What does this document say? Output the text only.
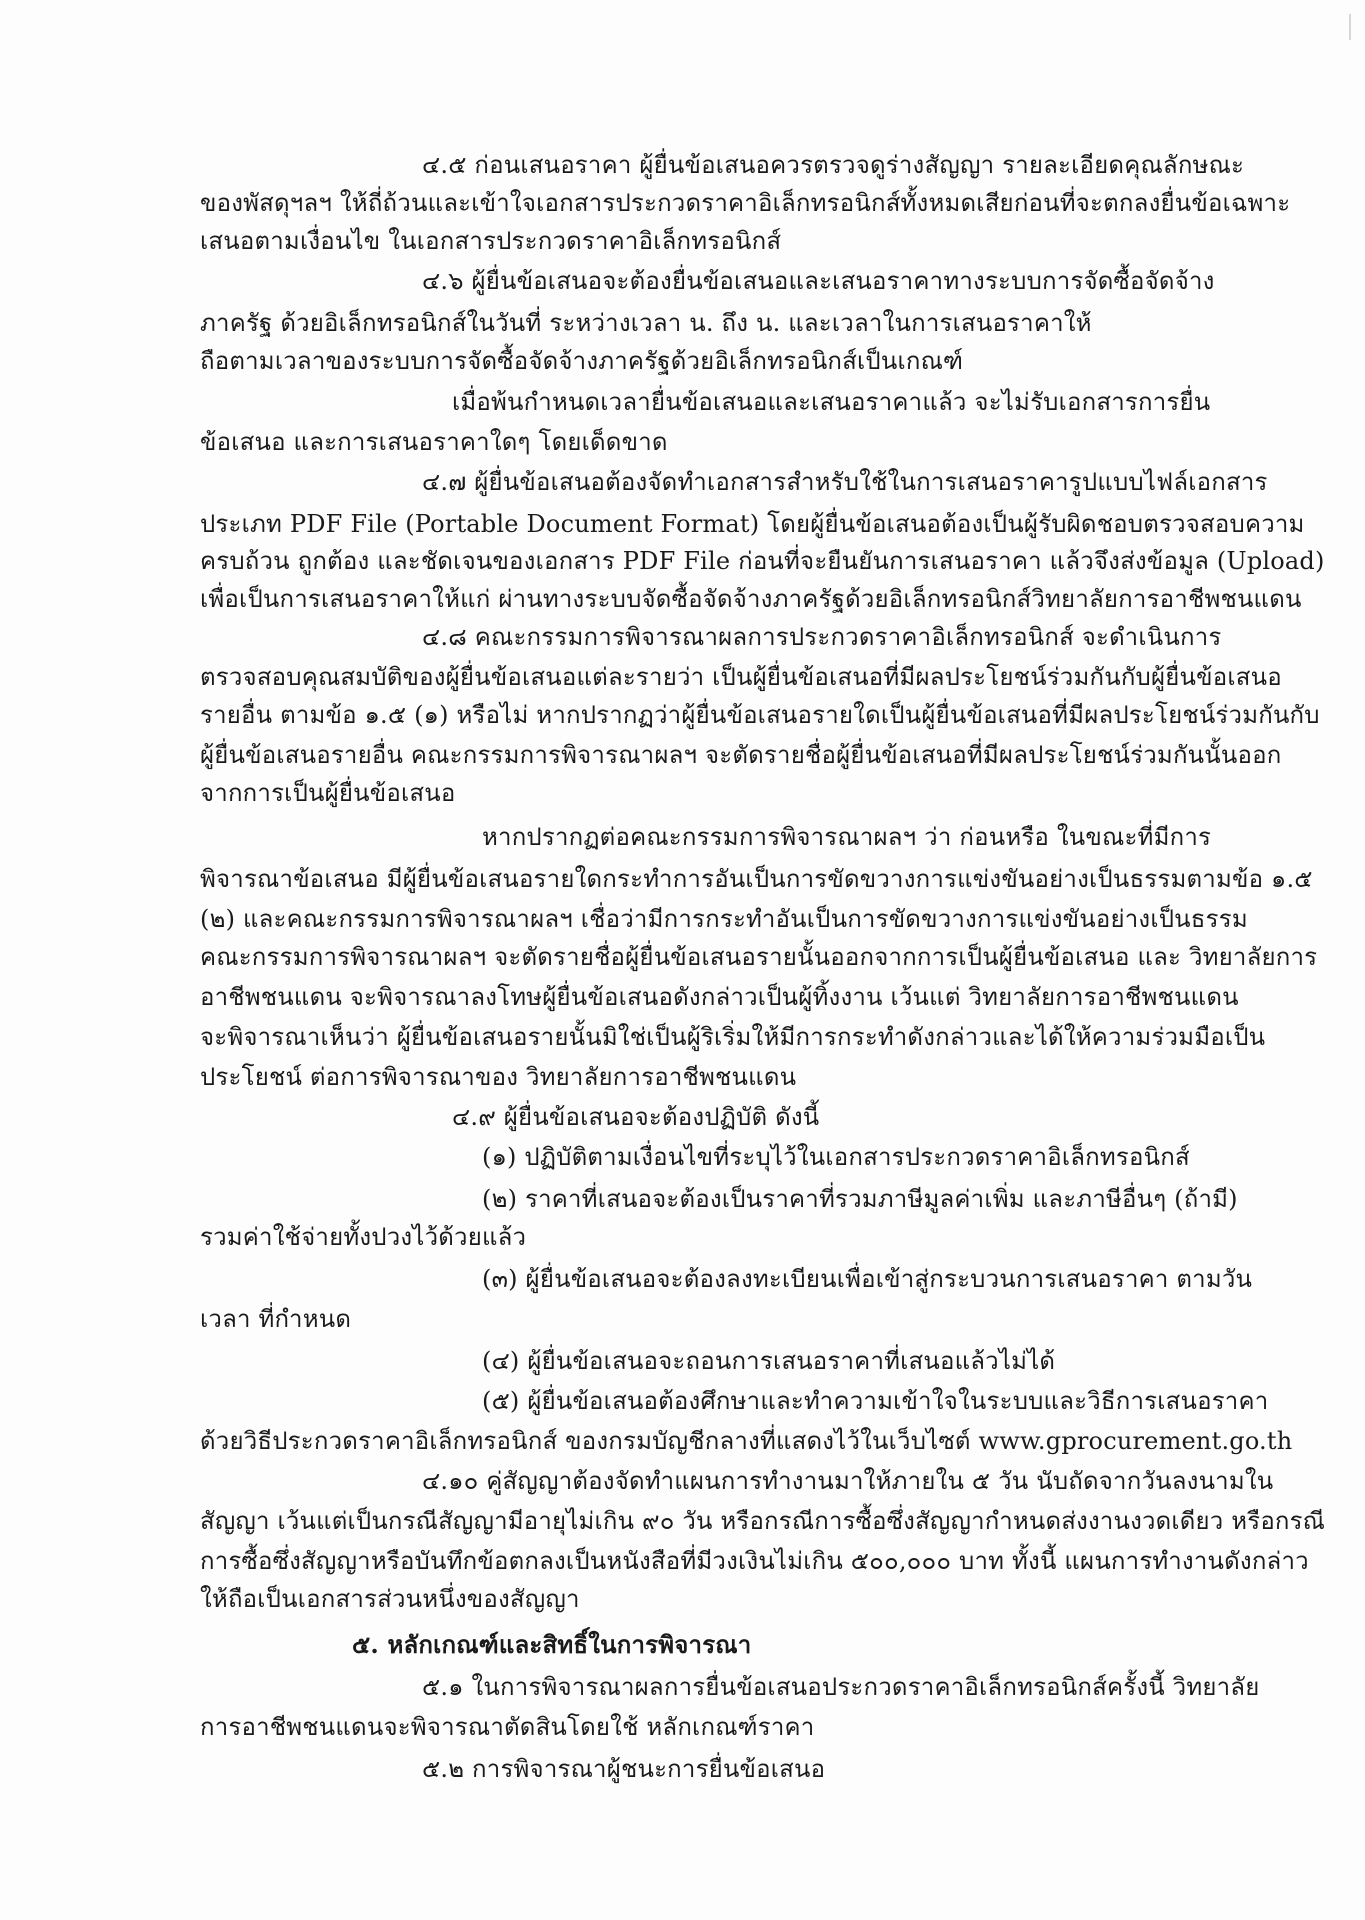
๔.๕ ก่อนเสนอราคา ผู้ยื่นข้อเสนอควรตรวจดูร่างสัญญา รายละเอียดคุณลักษณะ
ของพัสดุฯลฯ ให้ถี่ถ้วนและเข้าใจเอกสารประกวดราคาอิเล็กทรอนิกส์ทั้งหมดเสียก่อนที่จะตกลงยื่นข้อเฉพาะ
เสนอตามเงื่อนไข ในเอกสารประกวดราคาอิเล็กทรอนิกส์
๔.๖ ผู้ยื่นข้อเสนอจะต้องยื่นข้อเสนอและเสนอราคาทางระบบการจัดซื้อจัดจ้าง
ภาครัฐ ด้วยอิเล็กทรอนิกส์ในวันที่ ระหว่างเวลา น. ถึง น. และเวลาในการเสนอราคาให้
ถือตามเวลาของระบบการจัดซื้อจัดจ้างภาครัฐด้วยอิเล็กทรอนิกส์เป็นเกณฑ์
เมื่อพ้นกำหนดเวลายื่นข้อเสนอและเสนอราคาแล้ว จะไม่รับเอกสารการยื่น
ข้อเสนอ และการเสนอราคาใดๆ โดยเด็ดขาด
๔.๗ ผู้ยื่นข้อเสนอต้องจัดทำเอกสารสำหรับใช้ในการเสนอราคารูปแบบไฟล์เอกสาร
ประเภท PDF File (Portable Document Format) โดยผู้ยื่นข้อเสนอต้องเป็นผู้รับผิดชอบตรวจสอบความ
ครบถ้วน ถูกต้อง และชัดเจนของเอกสาร PDF File ก่อนที่จะยืนยันการเสนอราคา แล้วจึงส่งข้อมูล (Upload)
เพื่อเป็นการเสนอราคาให้แก่ ผ่านทางระบบจัดซื้อจัดจ้างภาครัฐด้วยอิเล็กทรอนิกส์วิทยาลัยการอาชีพชนแดน
๔.๘ คณะกรรมการพิจารณาผลการประกวดราคาอิเล็กทรอนิกส์ จะดำเนินการ
ตรวจสอบคุณสมบัติของผู้ยื่นข้อเสนอแต่ละรายว่า เป็นผู้ยื่นข้อเสนอที่มีผลประโยชน์ร่วมกันกับผู้ยื่นข้อเสนอ
รายอื่น ตามข้อ ๑.๕ (๑) หรือไม่ หากปรากฏว่าผู้ยื่นข้อเสนอรายใดเป็นผู้ยื่นข้อเสนอที่มีผลประโยชน์ร่วมกันกับ
ผู้ยื่นข้อเสนอรายอื่น คณะกรรมการพิจารณาผลฯ จะตัดรายชื่อผู้ยื่นข้อเสนอที่มีผลประโยชน์ร่วมกันนั้นออก
จากการเป็นผู้ยื่นข้อเสนอ
หากปรากฏต่อคณะกรรมการพิจารณาผลฯ ว่า ก่อนหรือ ในขณะที่มีการ
พิจารณาข้อเสนอ มีผู้ยื่นข้อเสนอรายใดกระทำการอันเป็นการขัดขวางการแข่งขันอย่างเป็นธรรมตามข้อ ๑.๕
(๒) และคณะกรรมการพิจารณาผลฯ เชื่อว่ามีการกระทำอันเป็นการขัดขวางการแข่งขันอย่างเป็นธรรม
คณะกรรมการพิจารณาผลฯ จะตัดรายชื่อผู้ยื่นข้อเสนอรายนั้นออกจากการเป็นผู้ยื่นข้อเสนอ และ วิทยาลัยการ
อาชีพชนแดน จะพิจารณาลงโทษผู้ยื่นข้อเสนอดังกล่าวเป็นผู้ทิ้งงาน เว้นแต่ วิทยาลัยการอาชีพชนแดน
จะพิจารณาเห็นว่า ผู้ยื่นข้อเสนอรายนั้นมิใช่เป็นผู้ริเริ่มให้มีการกระทำดังกล่าวและได้ให้ความร่วมมือเป็น
ประโยชน์ ต่อการพิจารณาของ วิทยาลัยการอาชีพชนแดน
๔.๙ ผู้ยื่นข้อเสนอจะต้องปฏิบัติ ดังนี้
(๑) ปฏิบัติตามเงื่อนไขที่ระบุไว้ในเอกสารประกวดราคาอิเล็กทรอนิกส์
(๒) ราคาที่เสนอจะต้องเป็นราคาที่รวมภาษีมูลค่าเพิ่ม และภาษีอื่นๆ (ถ้ามี)
รวมค่าใช้จ่ายทั้งปวงไว้ด้วยแล้ว
(๓) ผู้ยื่นข้อเสนอจะต้องลงทะเบียนเพื่อเข้าสู่กระบวนการเสนอราคา ตามวัน
เวลา ที่กำหนด
(๔) ผู้ยื่นข้อเสนอจะถอนการเสนอราคาที่เสนอแล้วไม่ได้
(๕) ผู้ยื่นข้อเสนอต้องศึกษาและทำความเข้าใจในระบบและวิธีการเสนอราคา
ด้วยวิธีประกวดราคาอิเล็กทรอนิกส์ ของกรมบัญชีกลางที่แสดงไว้ในเว็บไซต์ www.gprocurement.go.th
๔.๑๐ คู่สัญญาต้องจัดทำแผนการทำงานมาให้ภายใน ๕ วัน นับถัดจากวันลงนามใน
สัญญา เว้นแต่เป็นกรณีสัญญามีอายุไม่เกิน ๙๐ วัน หรือกรณีการซื้อซึ่งสัญญากำหนดส่งงานงวดเดียว หรือกรณี
การซื้อซึ่งสัญญาหรือบันทึกข้อตกลงเป็นหนังสือที่มีวงเงินไม่เกิน ๕๐๐,๐๐๐ บาท ทั้งนี้ แผนการทำงานดังกล่าว
ให้ถือเป็นเอกสารส่วนหนึ่งของสัญญา
๕. หลักเกณฑ์และสิทธิ์ในการพิจารณา
๕.๑ ในการพิจารณาผลการยื่นข้อเสนอประกวดราคาอิเล็กทรอนิกส์ครั้งนี้ วิทยาลัย
การอาชีพชนแดนจะพิจารณาตัดสินโดยใช้ หลักเกณฑ์ราคา
๕.๒ การพิจารณาผู้ชนะการยื่นข้อเสนอ
